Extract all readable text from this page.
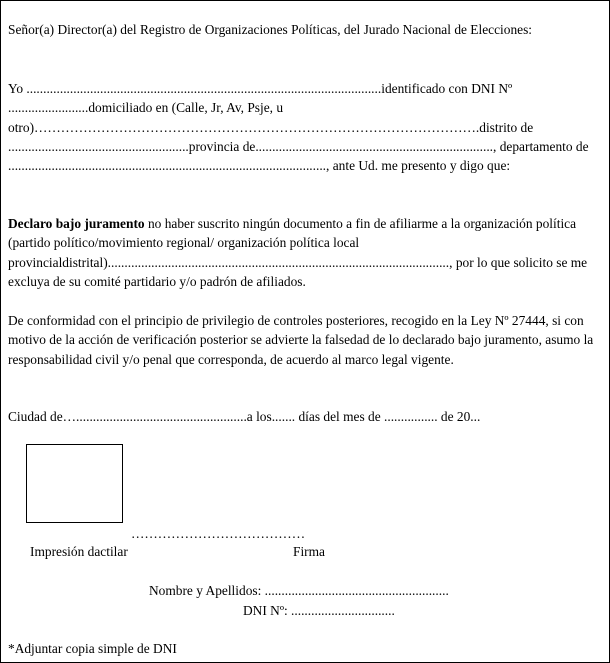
Señor(a) Director(a) del Registro de Organizaciones Políticas, del Jurado Nacional de Elecciones:

Yo ..........................................................................................................identificado con DNI Nº ........................domiciliado en (Calle, Jr, Av, Psje, u otro)……………………………………………………………………………………….distrito de ......................................................provincia de......................................................................., departamento de ..............................................................................................., ante Ud. me presento y digo que:

Declaro bajo juramento no haber suscrito ningún documento a fin de afiliarme a la organización política (partido político/movimiento regional/ organización política local provincialdistrital)......................................................................................................, por lo que solicito se me excluya de su comité partidario y/o padrón de afiliados.

De conformidad con el principio de privilegio de controles posteriores, recogido en la Ley Nº 27444, si con motivo de la acción de verificación posterior se advierte la falsedad de lo declarado bajo juramento, asumo la responsabilidad civil y/o penal que corresponda, de acuerdo al marco legal vigente.

Ciudad de…...................................................a los....... días del mes de ................ de 20...

…………………………………
Impresión dactilar	Firma
Nombre y Apellidos: .......................................................
DNI Nº: ...............................
*Adjuntar copia simple de DNI
